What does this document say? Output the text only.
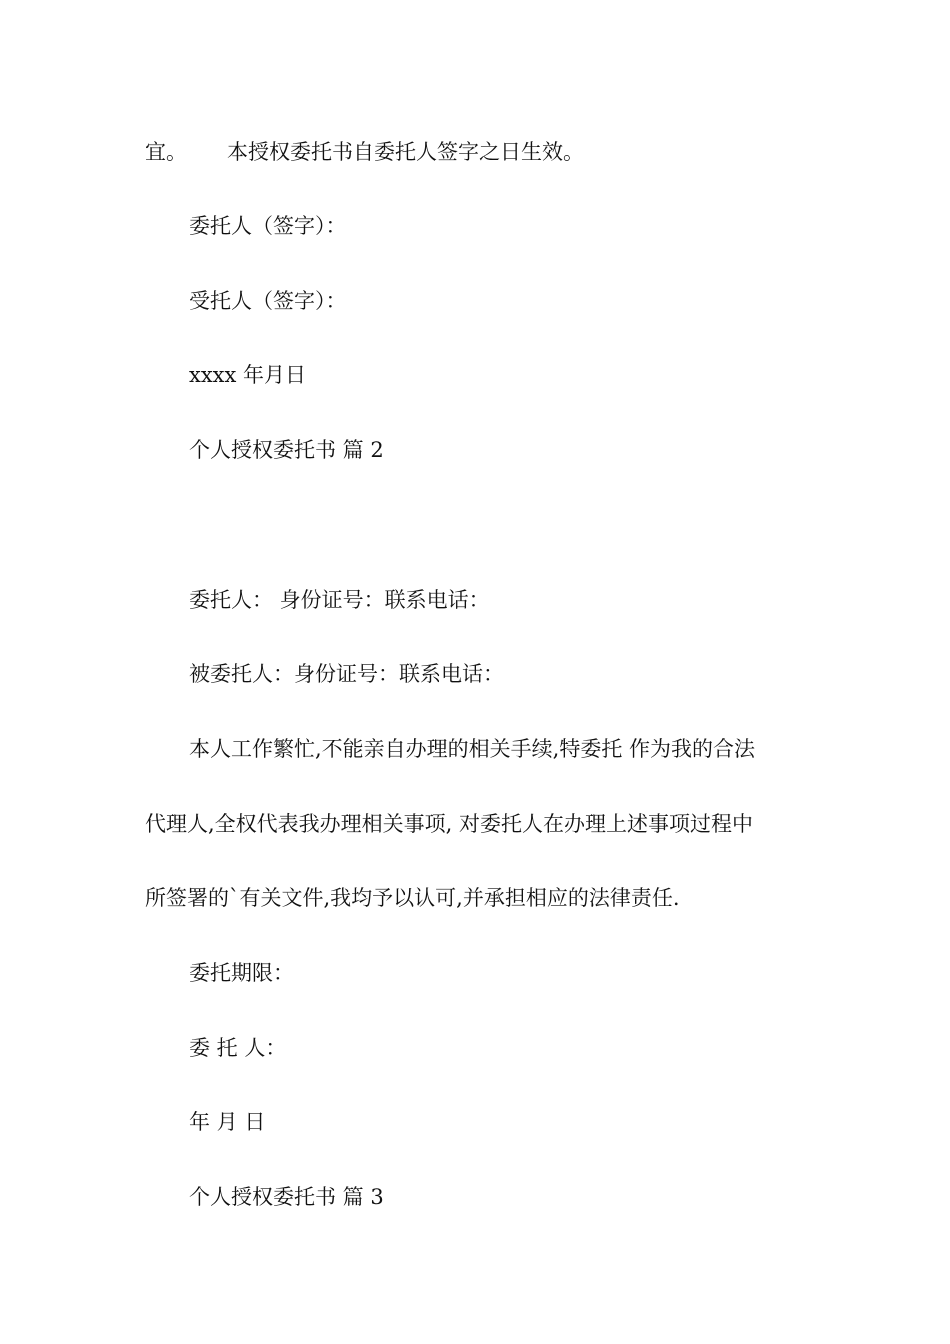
宜。 本授权委托书自委托人签字之日生效。
委托人（签字）：
受托人（签字）：
xxxx 年月日
个人授权委托书 篇 2
委托人： 身份证号：联系电话：
被委托人：身份证号：联系电话：
本人工作繁忙,不能亲自办理的相关手续,特委托 作为我的合法
代理人,全权代表我办理相关事项, 对委托人在办理上述事项过程中
所签署的`有关文件,我均予以认可,并承担相应的法律责任.
委托期限：
委 托 人：
年 月 日
个人授权委托书 篇 3
